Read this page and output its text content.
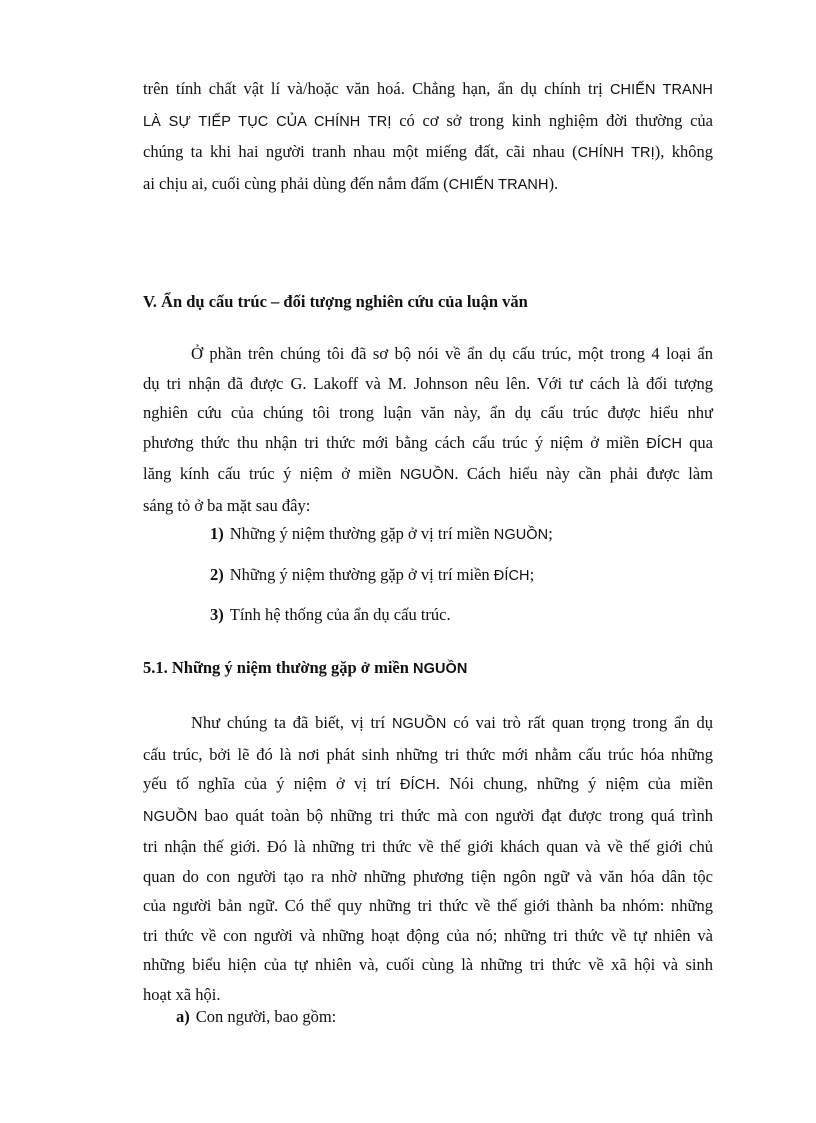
trên tính chất vật lí và/hoặc văn hoá. Chẳng hạn, ẩn dụ chính trị CHIẾN TRANH
LÀ SỰ TIẾP TỤC CỦA CHÍNH TRỊ có cơ sở trong kinh nghiệm đời thường của
chúng ta khi hai người tranh nhau một miếng đất, cãi nhau (CHÍNH TRỊ), không
ai chịu ai, cuối cùng phải dùng đến nắm đấm (CHIẾN TRANH).

V. Ẩn dụ cấu trúc – đối tượng nghiên cứu của luận văn

Ở phần trên chúng tôi đã sơ bộ nói về ẩn dụ cấu trúc, một trong 4 loại ẩn
dụ tri nhận đã được G. Lakoff và M. Johnson nêu lên. Với tư cách là đối tượng
nghiên cứu của chúng tôi trong luận văn này, ẩn dụ cấu trúc được hiểu như
phương thức thu nhận tri thức mới bằng cách cấu trúc ý niệm ở miền ĐÍCH qua
lăng kính cấu trúc ý niệm ở miền NGUỒN. Cách hiểu này cần phải được làm
sáng tỏ ở ba mặt sau đây:

1) Những ý niệm thường gặp ở vị trí miền NGUỒN;

2) Những ý niệm thường gặp ở vị trí miền ĐÍCH;

3) Tính hệ thống của ẩn dụ cấu trúc.

5.1. Những ý niệm thường gặp ở miền NGUỒN

Như chúng ta đã biết, vị trí NGUỒN có vai trò rất quan trọng trong ẩn dụ
cấu trúc, bởi lẽ đó là nơi phát sinh những tri thức mới nhằm cấu trúc hóa những
yếu tố nghĩa của ý niệm ở vị trí ĐÍCH. Nói chung, những ý niệm của miền
NGUỒN bao quát toàn bộ những tri thức mà con người đạt được trong quá trình
tri nhận thế giới. Đó là những tri thức về thế giới khách quan và về thế giới chủ
quan do con người tạo ra nhờ những phương tiện ngôn ngữ và văn hóa dân tộc
của người bản ngữ. Có thể quy những tri thức về thế giới thành ba nhóm: những
tri thức về con người và những hoạt động của nó; những tri thức về tự nhiên và
những biểu hiện của tự nhiên và, cuối cùng là những tri thức về xã hội và sinh
hoạt xã hội.

a) Con người, bao gồm:
